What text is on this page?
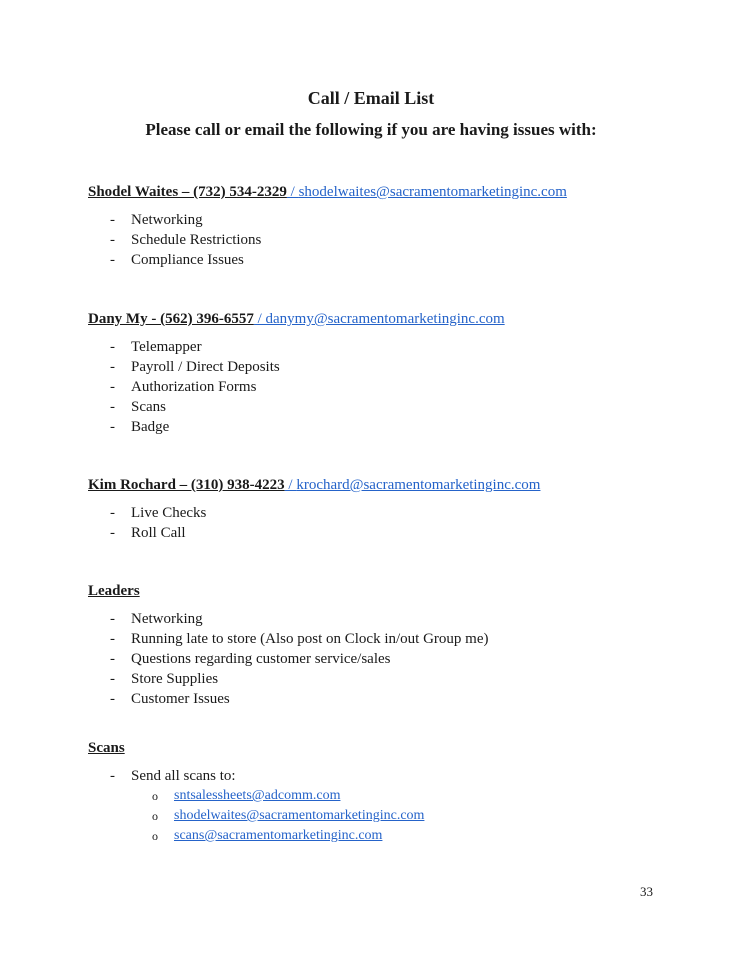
Call / Email List
Please call or email the following if you are having issues with:
Shodel Waites – (732) 534-2329 / shodelwaites@sacramentomarketinginc.com
- Networking
- Schedule Restrictions
- Compliance Issues
Dany My - (562) 396-6557 / danymy@sacramentomarketinginc.com
- Telemapper
- Payroll / Direct Deposits
- Authorization Forms
- Scans
- Badge
Kim Rochard – (310) 938-4223 / krochard@sacramentomarketinginc.com
- Live Checks
- Roll Call
Leaders
- Networking
- Running late to store (Also post on Clock in/out Group me)
- Questions regarding customer service/sales
- Store Supplies
- Customer Issues
Scans
- Send all scans to:
o sntsalessheets@adcomm.com
o shodelwaites@sacramentomarketinginc.com
o scans@sacramentomarketinginc.com
33
